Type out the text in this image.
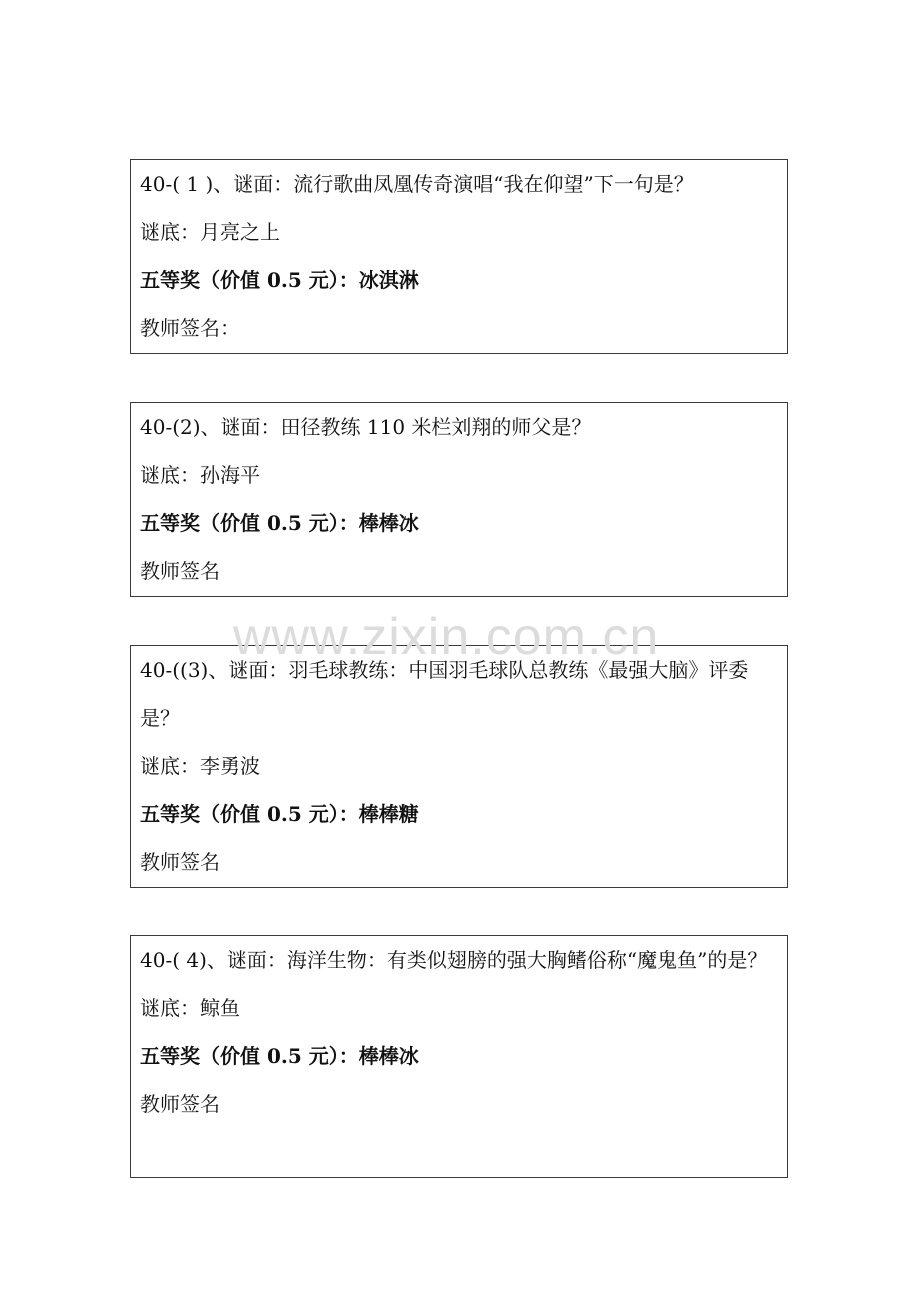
40-( 1 )、谜面：流行歌曲凤凰传奇演唱“我在仰望”下一句是？
谜底：月亮之上
五等奖（价值 0.5 元）：冰淇淋
教师签名：
40-(2)、谜面：田径教练 110 米栏刘翔的师父是？
谜底：孙海平
五等奖（价值 0.5 元）：棒棒冰
教师签名
40-((3)、谜面：羽毛球教练：中国羽毛球队总教练《最强大脑》评委是？
谜底：李勇波
五等奖（价值 0.5 元）：棒棒糖
教师签名
40-( 4)、谜面：海洋生物：有类似翅膀的强大胸鳍俗称“魔鬼鱼”的是？
谜底：鲸鱼
五等奖（价值 0.5 元）：棒棒冰
教师签名
www.zixin.com.cn
